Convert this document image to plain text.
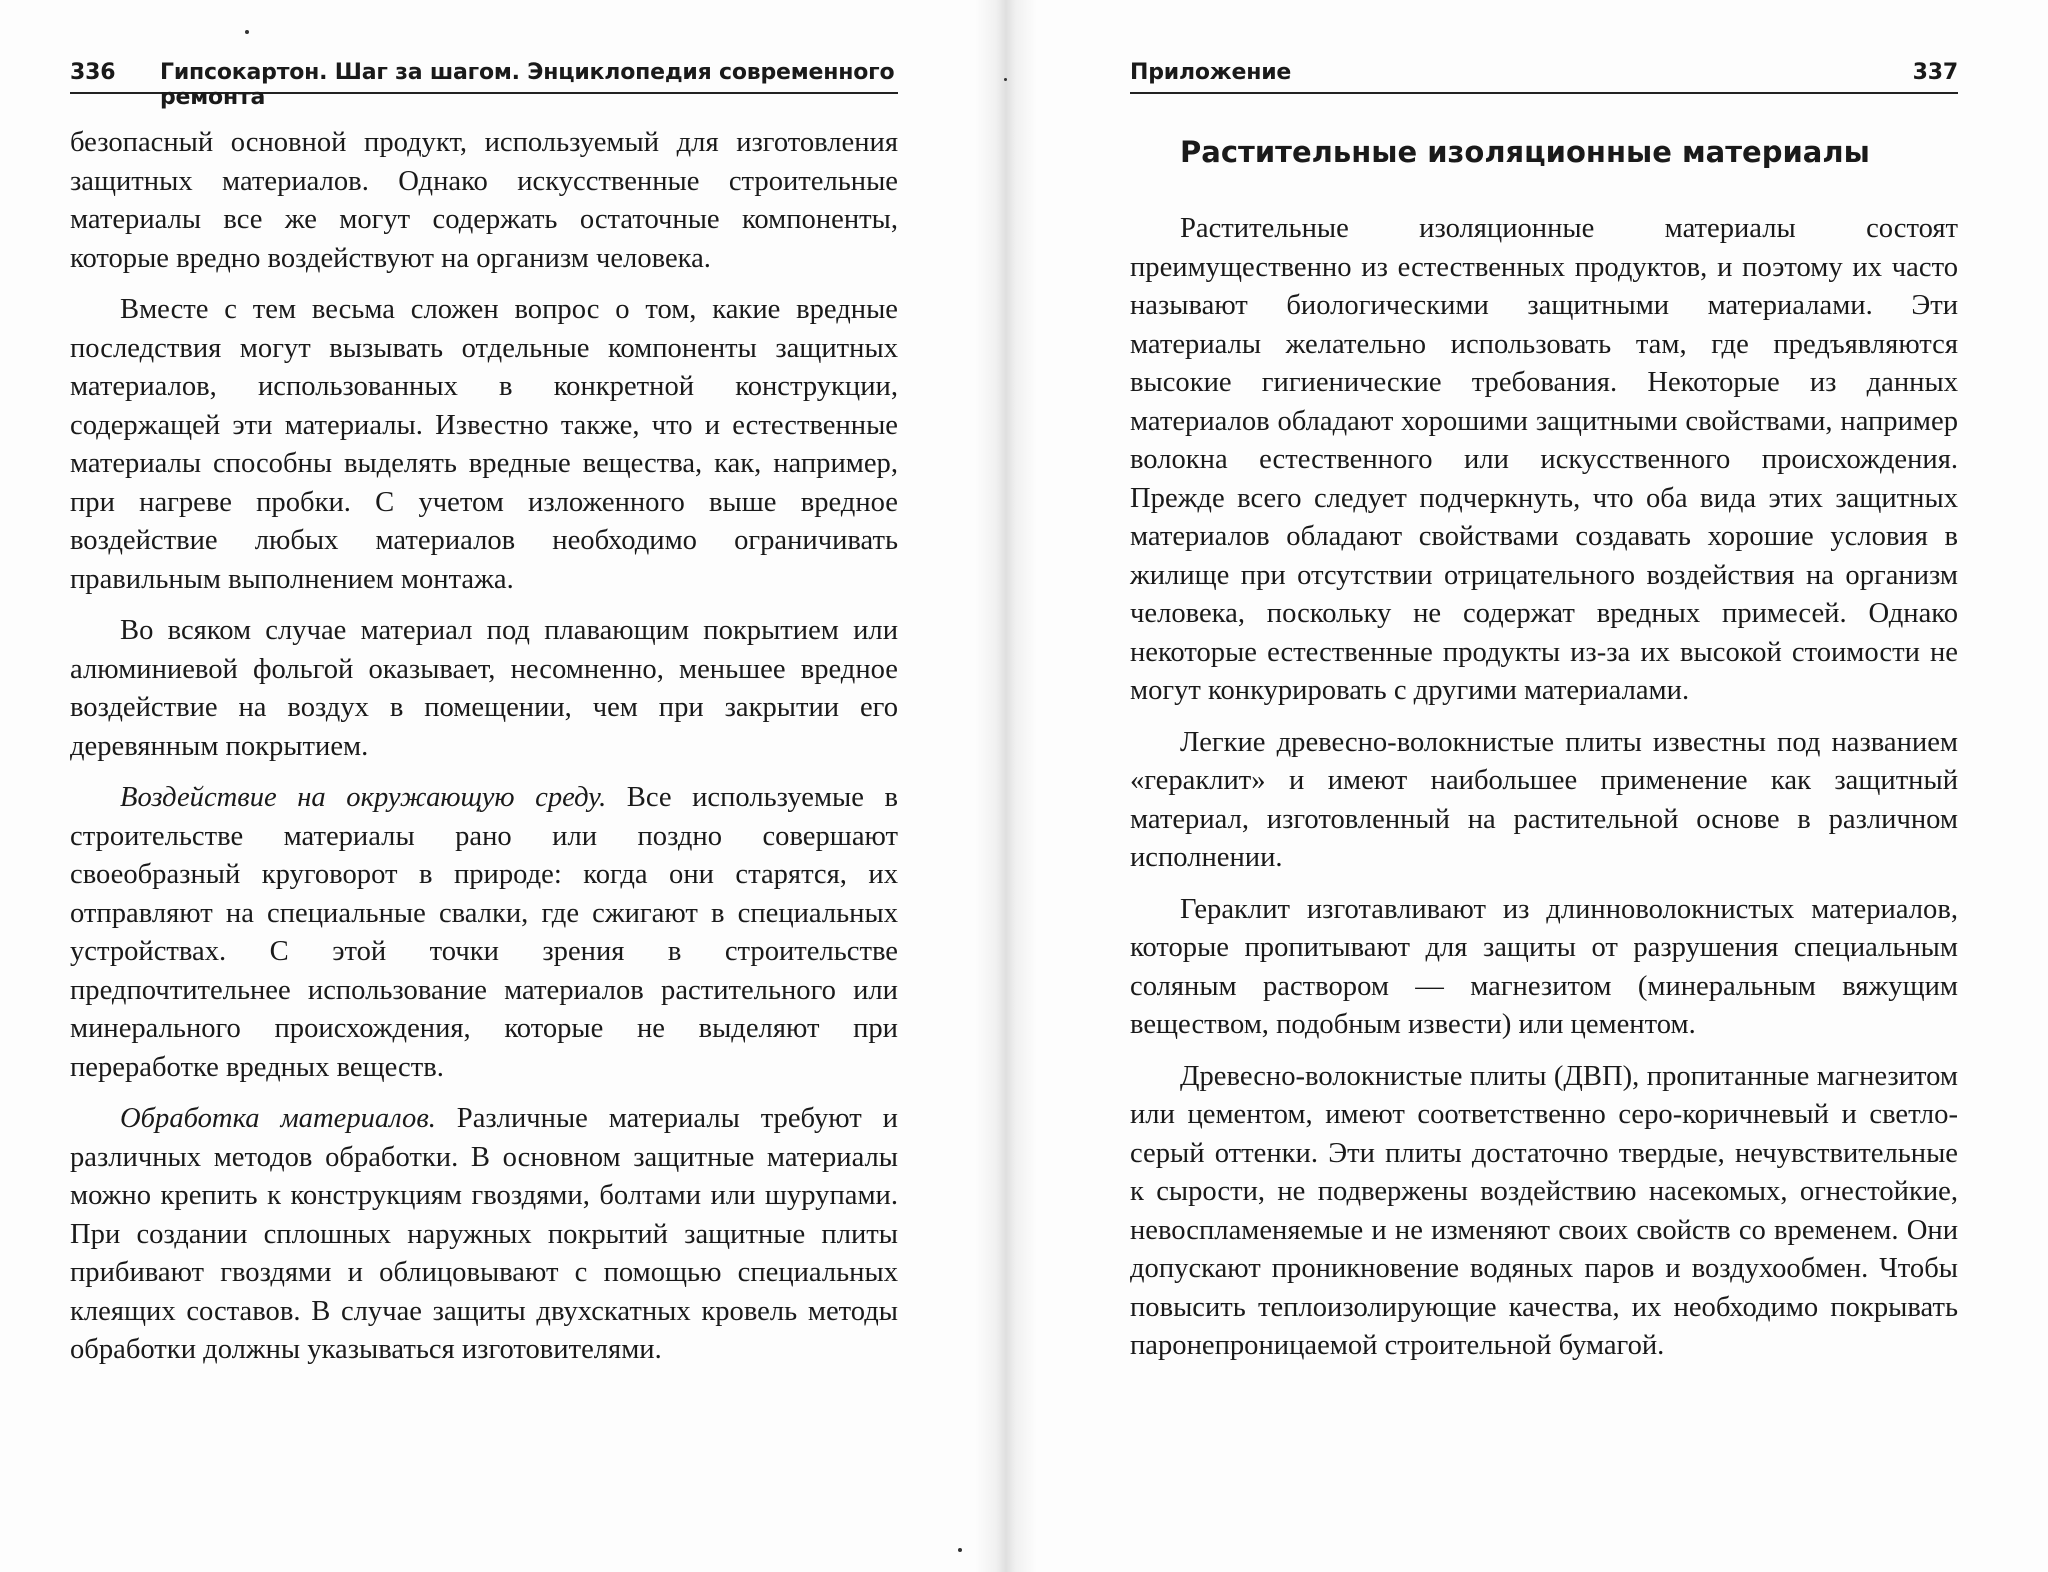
336 Гипсокартон. Шаг за шагом. Энциклопедия современного ремонта

безопасный основной продукт, используемый для изготовления защитных материалов. Однако искусственные строительные материалы все же могут содержать остаточные компоненты, которые вредно воздействуют на организм человека.

Вместе с тем весьма сложен вопрос о том, какие вредные последствия могут вызывать отдельные компоненты защитных материалов, использованных в конкретной конструкции, содержащей эти материалы. Известно также, что и естественные материалы способны выделять вредные вещества, как, например, при нагреве пробки. С учетом изложенного выше вредное воздействие любых материалов необходимо ограничивать правильным выполнением монтажа.

Во всяком случае материал под плавающим покрытием или алюминиевой фольгой оказывает, несомненно, меньшее вредное воздействие на воздух в помещении, чем при закрытии его деревянным покрытием.

Воздействие на окружающую среду. Все используемые в строительстве материалы рано или поздно совершают своеобразный круговорот в природе: когда они старятся, их отправляют на специальные свалки, где сжигают в специальных устройствах. С этой точки зрения в строительстве предпочтительнее использование материалов растительного или минерального происхождения, которые не выделяют при переработке вредных веществ.

Обработка материалов. Различные материалы требуют и различных методов обработки. В основном защитные материалы можно крепить к конструкциям гвоздями, болтами или шурупами. При создании сплошных наружных покрытий защитные плиты прибивают гвоздями и облицовывают с помощью специальных клеящих составов. В случае защиты двухскатных кровель методы обработки должны указываться изготовителями.

Приложение	337
Растительные изоляционные материалы

Растительные изоляционные материалы состоят преимущественно из естественных продуктов, и поэтому их часто называют биологическими защитными материалами. Эти материалы желательно использовать там, где предъявляются высокие гигиенические требования. Некоторые из данных материалов обладают хорошими защитными свойствами, например волокна естественного или искусственного происхождения. Прежде всего следует подчеркнуть, что оба вида этих защитных материалов обладают свойствами создавать хорошие условия в жилище при отсутствии отрицательного воздействия на организм человека, поскольку не содержат вредных примесей. Однако некоторые естественные продукты из-за их высокой стоимости не могут конкурировать с другими материалами.

Легкие древесно-волокнистые плиты известны под названием «гераклит» и имеют наибольшее применение как защитный материал, изготовленный на растительной основе в различном исполнении.

Гераклит изготавливают из длинноволокнистых материалов, которые пропитывают для защиты от разрушения специальным соляным раствором — магнезитом (минеральным вяжущим веществом, подобным извести) или цементом.

Древесно-волокнистые плиты (ДВП), пропитанные магнезитом или цементом, имеют соответственно серо-коричневый и светло-серый оттенки. Эти плиты достаточно твердые, нечувствительные к сырости, не подвержены воздействию насекомых, огнестойкие, невоспламеняемые и не изменяют своих свойств со временем. Они допускают проникновение водяных паров и воздухообмен. Чтобы повысить теплоизолирующие качества, их необходимо покрывать паронепроницаемой строительной бумагой.
